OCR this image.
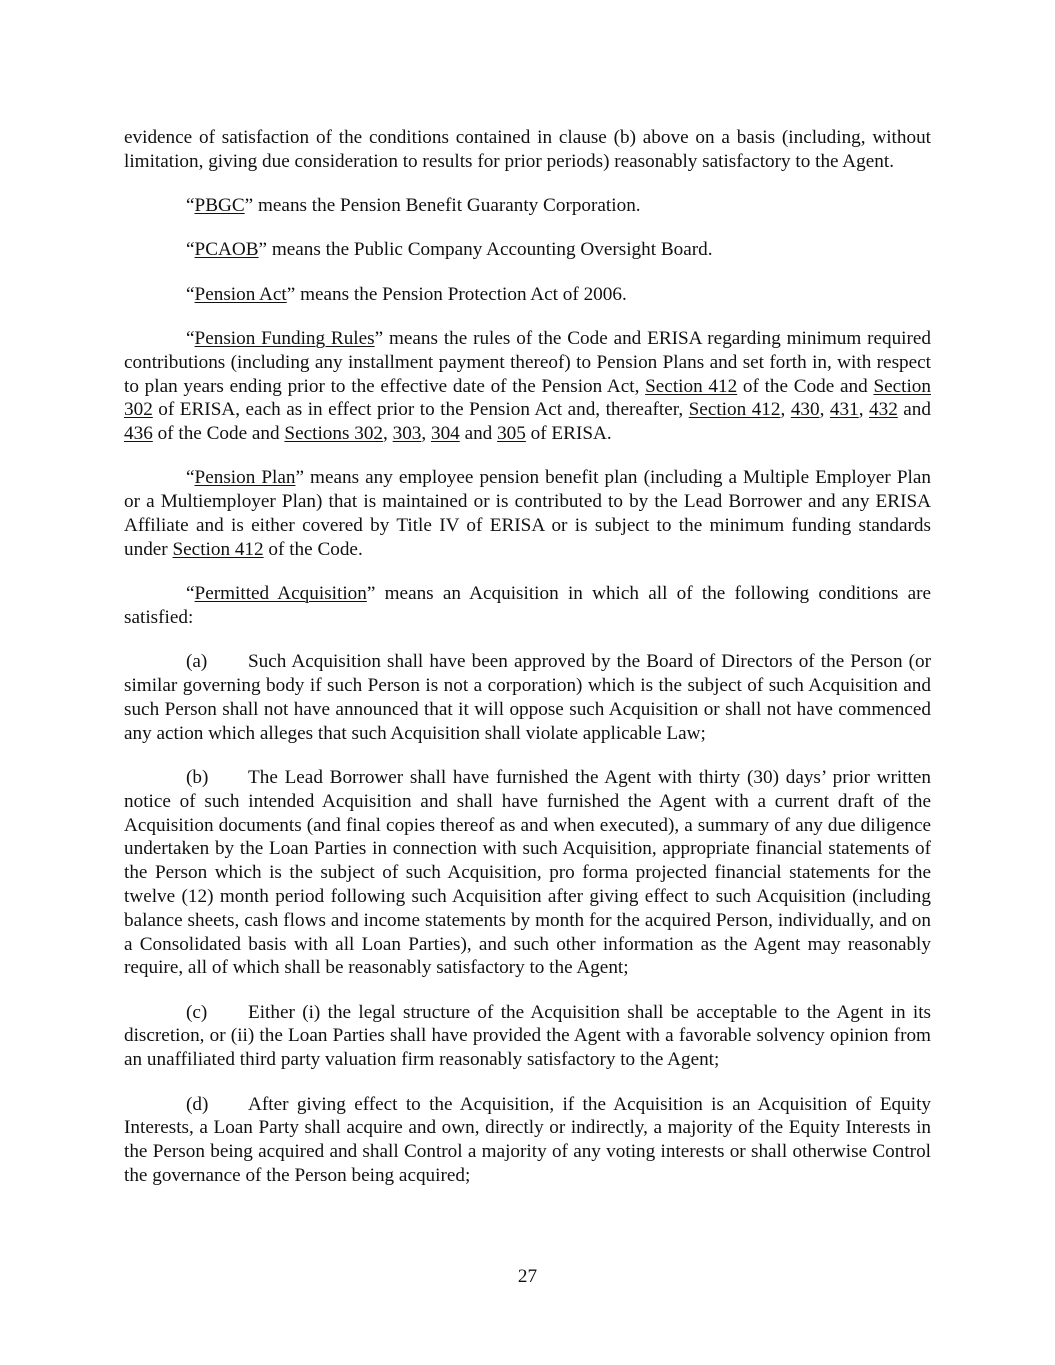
evidence of satisfaction of the conditions contained in clause (b) above on a basis (including, without limitation, giving due consideration to results for prior periods) reasonably satisfactory to the Agent.

“PBGC” means the Pension Benefit Guaranty Corporation.

“PCAOB” means the Public Company Accounting Oversight Board.

“Pension Act” means the Pension Protection Act of 2006.

“Pension Funding Rules” means the rules of the Code and ERISA regarding minimum required contributions (including any installment payment thereof) to Pension Plans and set forth in, with respect to plan years ending prior to the effective date of the Pension Act, Section 412 of the Code and Section 302 of ERISA, each as in effect prior to the Pension Act and, thereafter, Section 412, 430, 431, 432 and 436 of the Code and Sections 302, 303, 304 and 305 of ERISA.

“Pension Plan” means any employee pension benefit plan (including a Multiple Employer Plan or a Multiemployer Plan) that is maintained or is contributed to by the Lead Borrower and any ERISA Affiliate and is either covered by Title IV of ERISA or is subject to the minimum funding standards under Section 412 of the Code.

“Permitted Acquisition” means an Acquisition in which all of the following conditions are satisfied:

(a) Such Acquisition shall have been approved by the Board of Directors of the Person (or similar governing body if such Person is not a corporation) which is the subject of such Acquisition and such Person shall not have announced that it will oppose such Acquisition or shall not have commenced any action which alleges that such Acquisition shall violate applicable Law;

(b) The Lead Borrower shall have furnished the Agent with thirty (30) days’ prior written notice of such intended Acquisition and shall have furnished the Agent with a current draft of the Acquisition documents (and final copies thereof as and when executed), a summary of any due diligence undertaken by the Loan Parties in connection with such Acquisition, appropriate financial statements of the Person which is the subject of such Acquisition, pro forma projected financial statements for the twelve (12) month period following such Acquisition after giving effect to such Acquisition (including balance sheets, cash flows and income statements by month for the acquired Person, individually, and on a Consolidated basis with all Loan Parties), and such other information as the Agent may reasonably require, all of which shall be reasonably satisfactory to the Agent;

(c) Either (i) the legal structure of the Acquisition shall be acceptable to the Agent in its discretion, or (ii) the Loan Parties shall have provided the Agent with a favorable solvency opinion from an unaffiliated third party valuation firm reasonably satisfactory to the Agent;

(d) After giving effect to the Acquisition, if the Acquisition is an Acquisition of Equity Interests, a Loan Party shall acquire and own, directly or indirectly, a majority of the Equity Interests in the Person being acquired and shall Control a majority of any voting interests or shall otherwise Control the governance of the Person being acquired;

27
